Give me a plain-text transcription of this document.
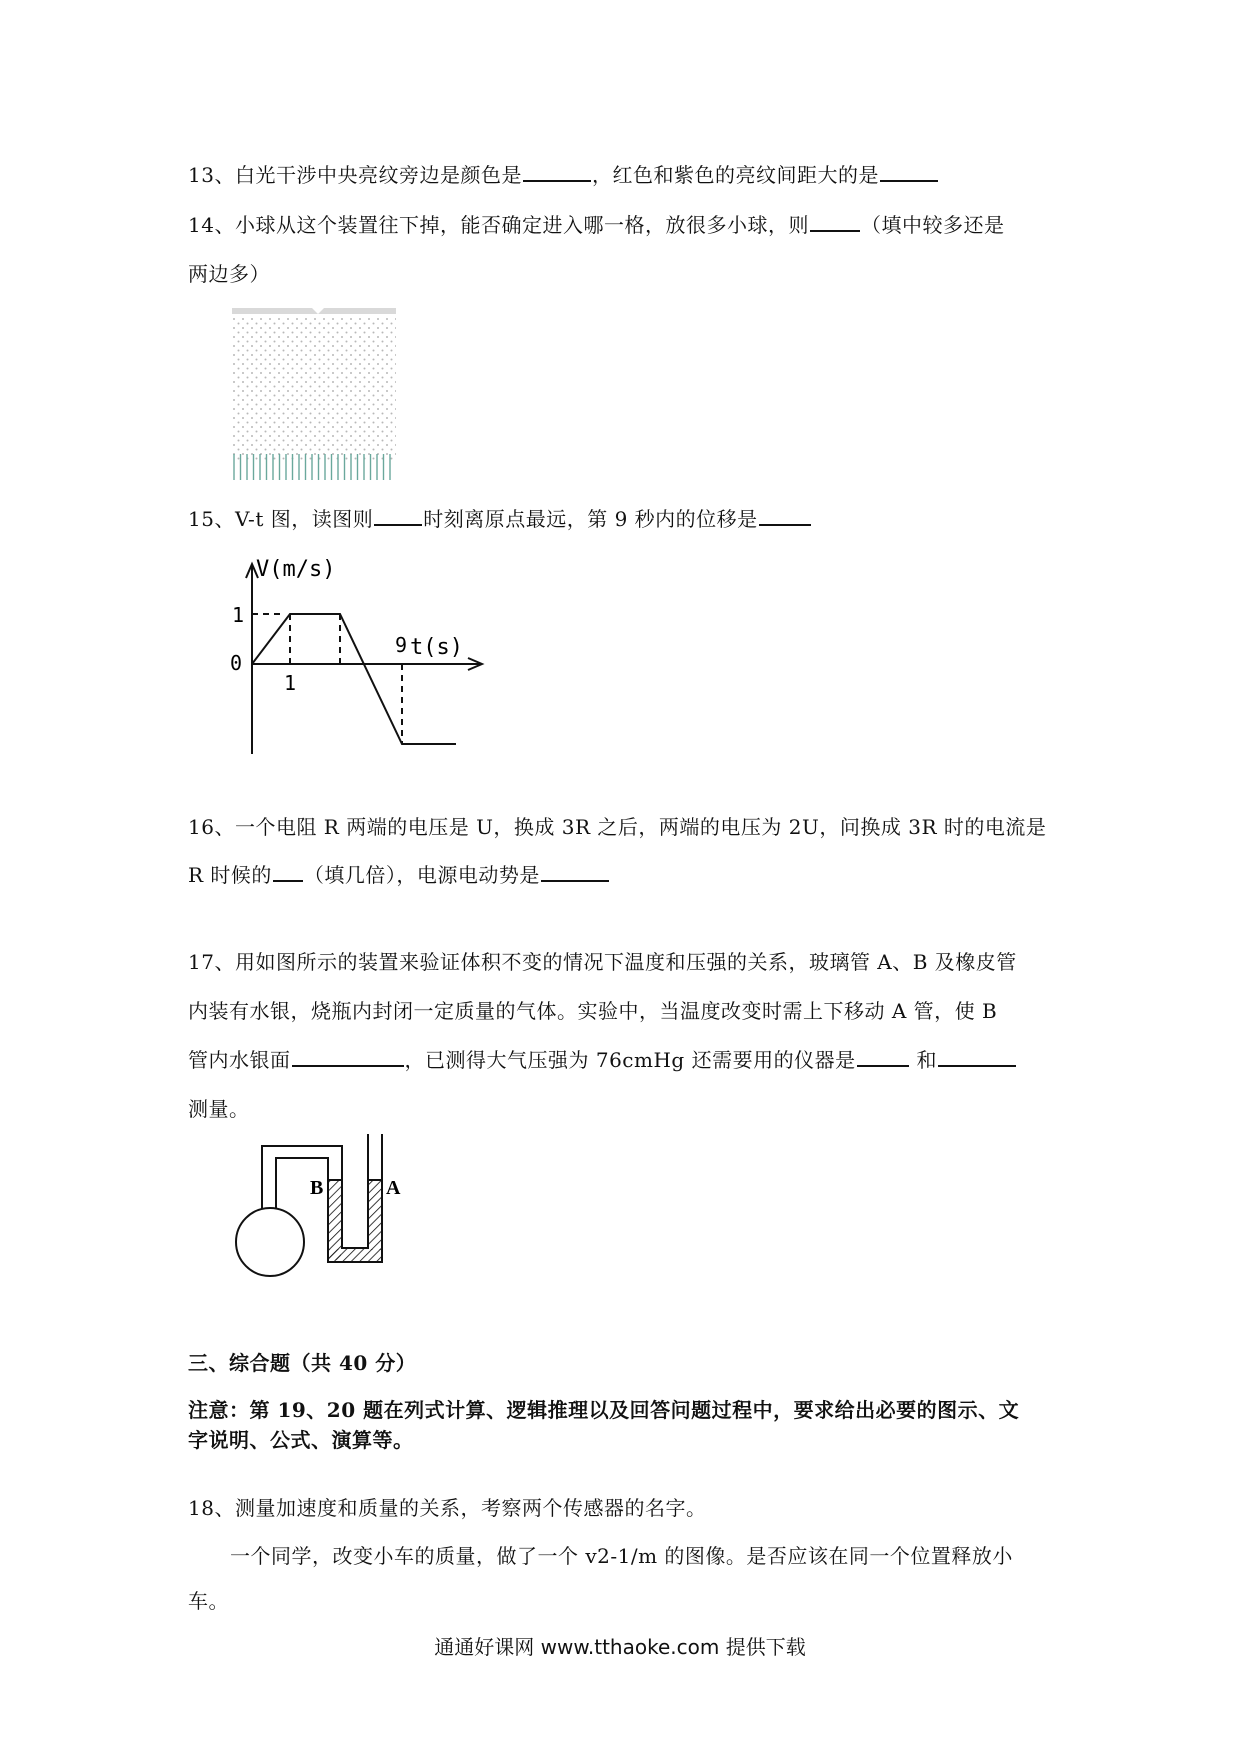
13、白光干涉中央亮纹旁边是颜色是	，红色和紫色的亮纹间距大的是
14、小球从这个装置往下掉，能否确定进入哪一格，放很多小球，则	（填中较多还是
两边多）
15、V-t 图，读图则	时刻离原点最远，第 9 秒内的位移是
V(m/s)
t(s)
0
1
1
9
16、一个电阻 R 两端的电压是 U，换成 3R 之后，两端的电压为 2U，问换成 3R 时的电流是
R 时候的 （填几倍），电源电动势是
17、用如图所示的装置来验证体积不变的情况下温度和压强的关系，玻璃管 A、B 及橡皮管
内装有水银，烧瓶内封闭一定质量的气体。实验中，当温度改变时需上下移动 A 管，使 B
管内水银面	，已测得大气压强为 76cmHg 还需要用的仪器是	和
测量。
B	A
三、综合题（共 40 分）
注意：第 19、20 题在列式计算、逻辑推理以及回答问题过程中，要求给出必要的图示、文
字说明、公式、演算等。
18、测量加速度和质量的关系，考察两个传感器的名字。
一个同学，改变小车的质量，做了一个 v2-1/m 的图像。是否应该在同一个位置释放小
车。
通通好课网 www.tthaoke.com 提供下载
